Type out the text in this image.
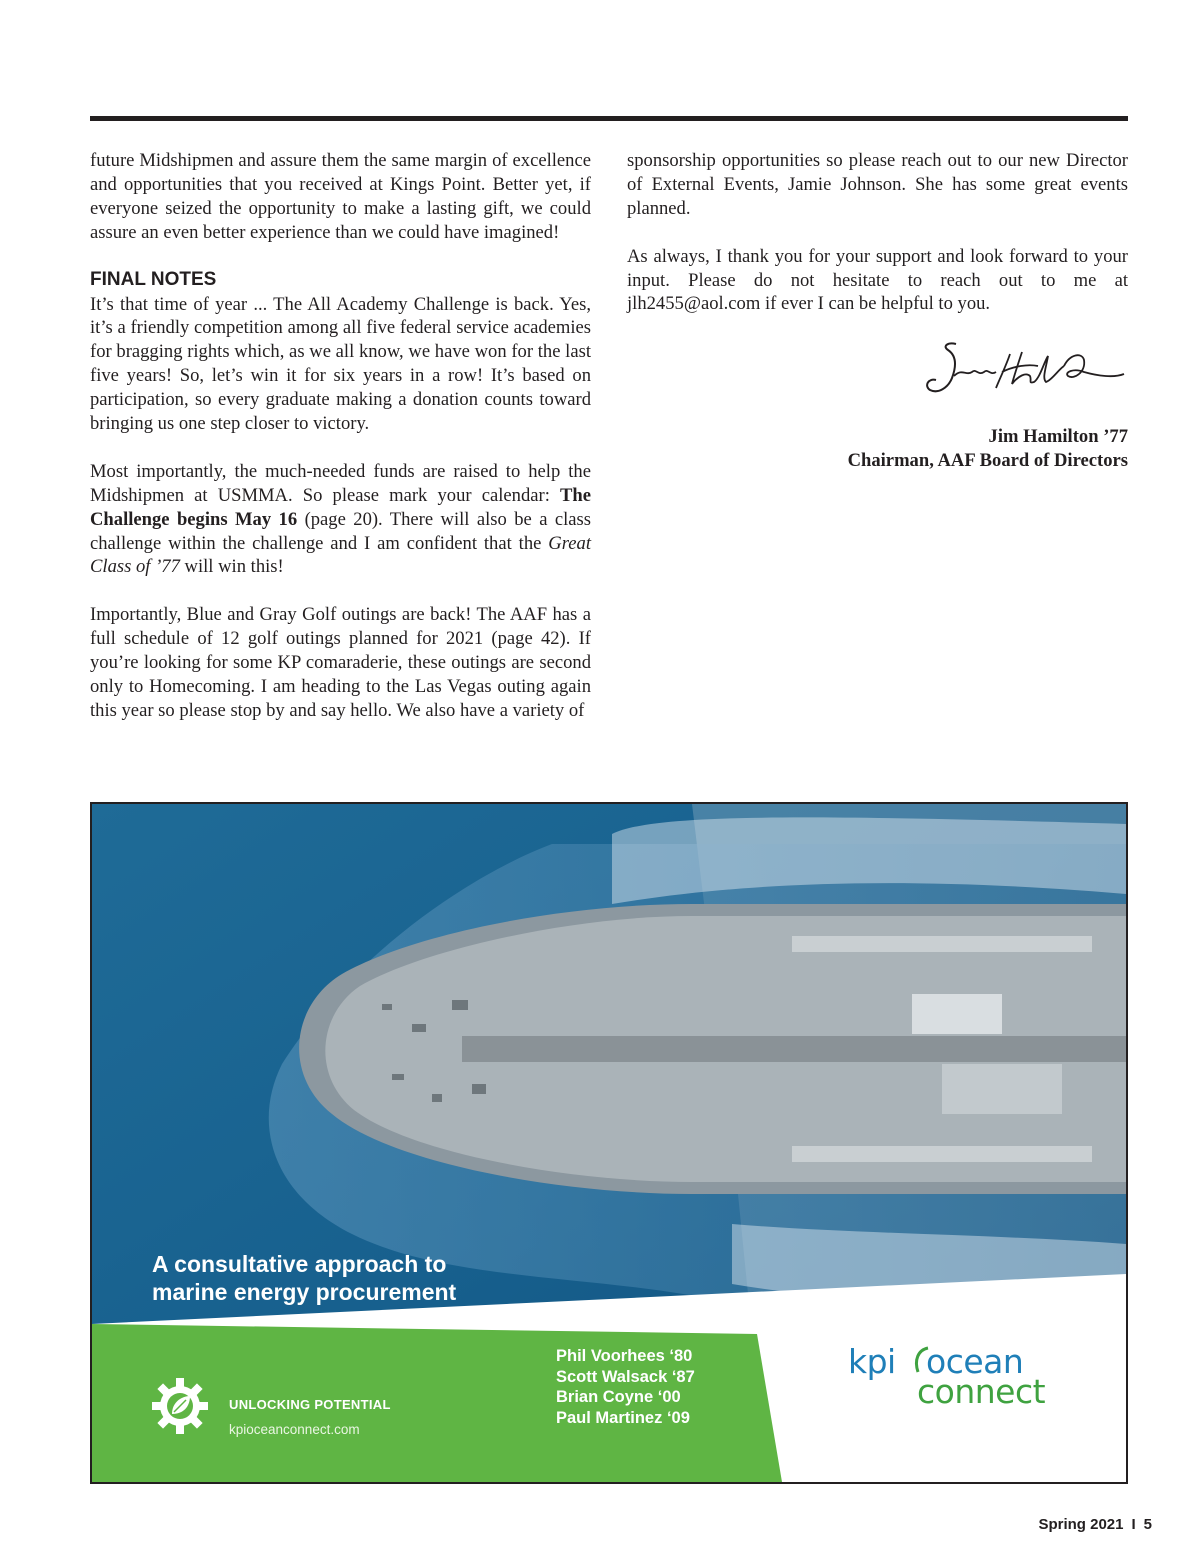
future Midshipmen and assure them the same margin of excellence and opportunities that you received at Kings Point. Better yet, if everyone seized the opportunity to make a lasting gift, we could assure an even better experience than we could have imagined!

FINAL NOTES

It’s that time of year ... The All Academy Challenge is back. Yes, it’s a friendly competition among all five federal service academies for bragging rights which, as we all know, we have won for the last five years! So, let’s win it for six years in a row! It’s based on participation, so every graduate making a donation counts toward bringing us one step closer to victory.

Most importantly, the much-needed funds are raised to help the Midshipmen at USMMA. So please mark your calendar: The Challenge begins May 16 (page 20). There will also be a class challenge within the challenge and I am confident that the Great Class of ’77 will win this!

Importantly, Blue and Gray Golf outings are back! The AAF has a full schedule of 12 golf outings planned for 2021 (page 42). If you’re looking for some KP comaraderie, these outings are second only to Homecoming. I am heading to the Las Vegas outing again this year so please stop by and say hello. We also have a variety of

sponsorship opportunities so please reach out to our new Director of External Events, Jamie Johnson. She has some great events planned.

As always, I thank you for your support and look forward to your input. Please do not hesitate to reach out to me at jlh2455@aol.com if ever I can be helpful to you.

Jim Hamilton ’77
Chairman, AAF Board of Directors
A consultative approach to
marine energy procurement
UNLOCKING POTENTIAL
kpioceanconnect.com
Phil Voorhees ‘80
Scott Walsack ‘87
Brian Coyne ‘00
Paul Martinez ‘09
kpi ocean
connect
Spring 2021 I 5
